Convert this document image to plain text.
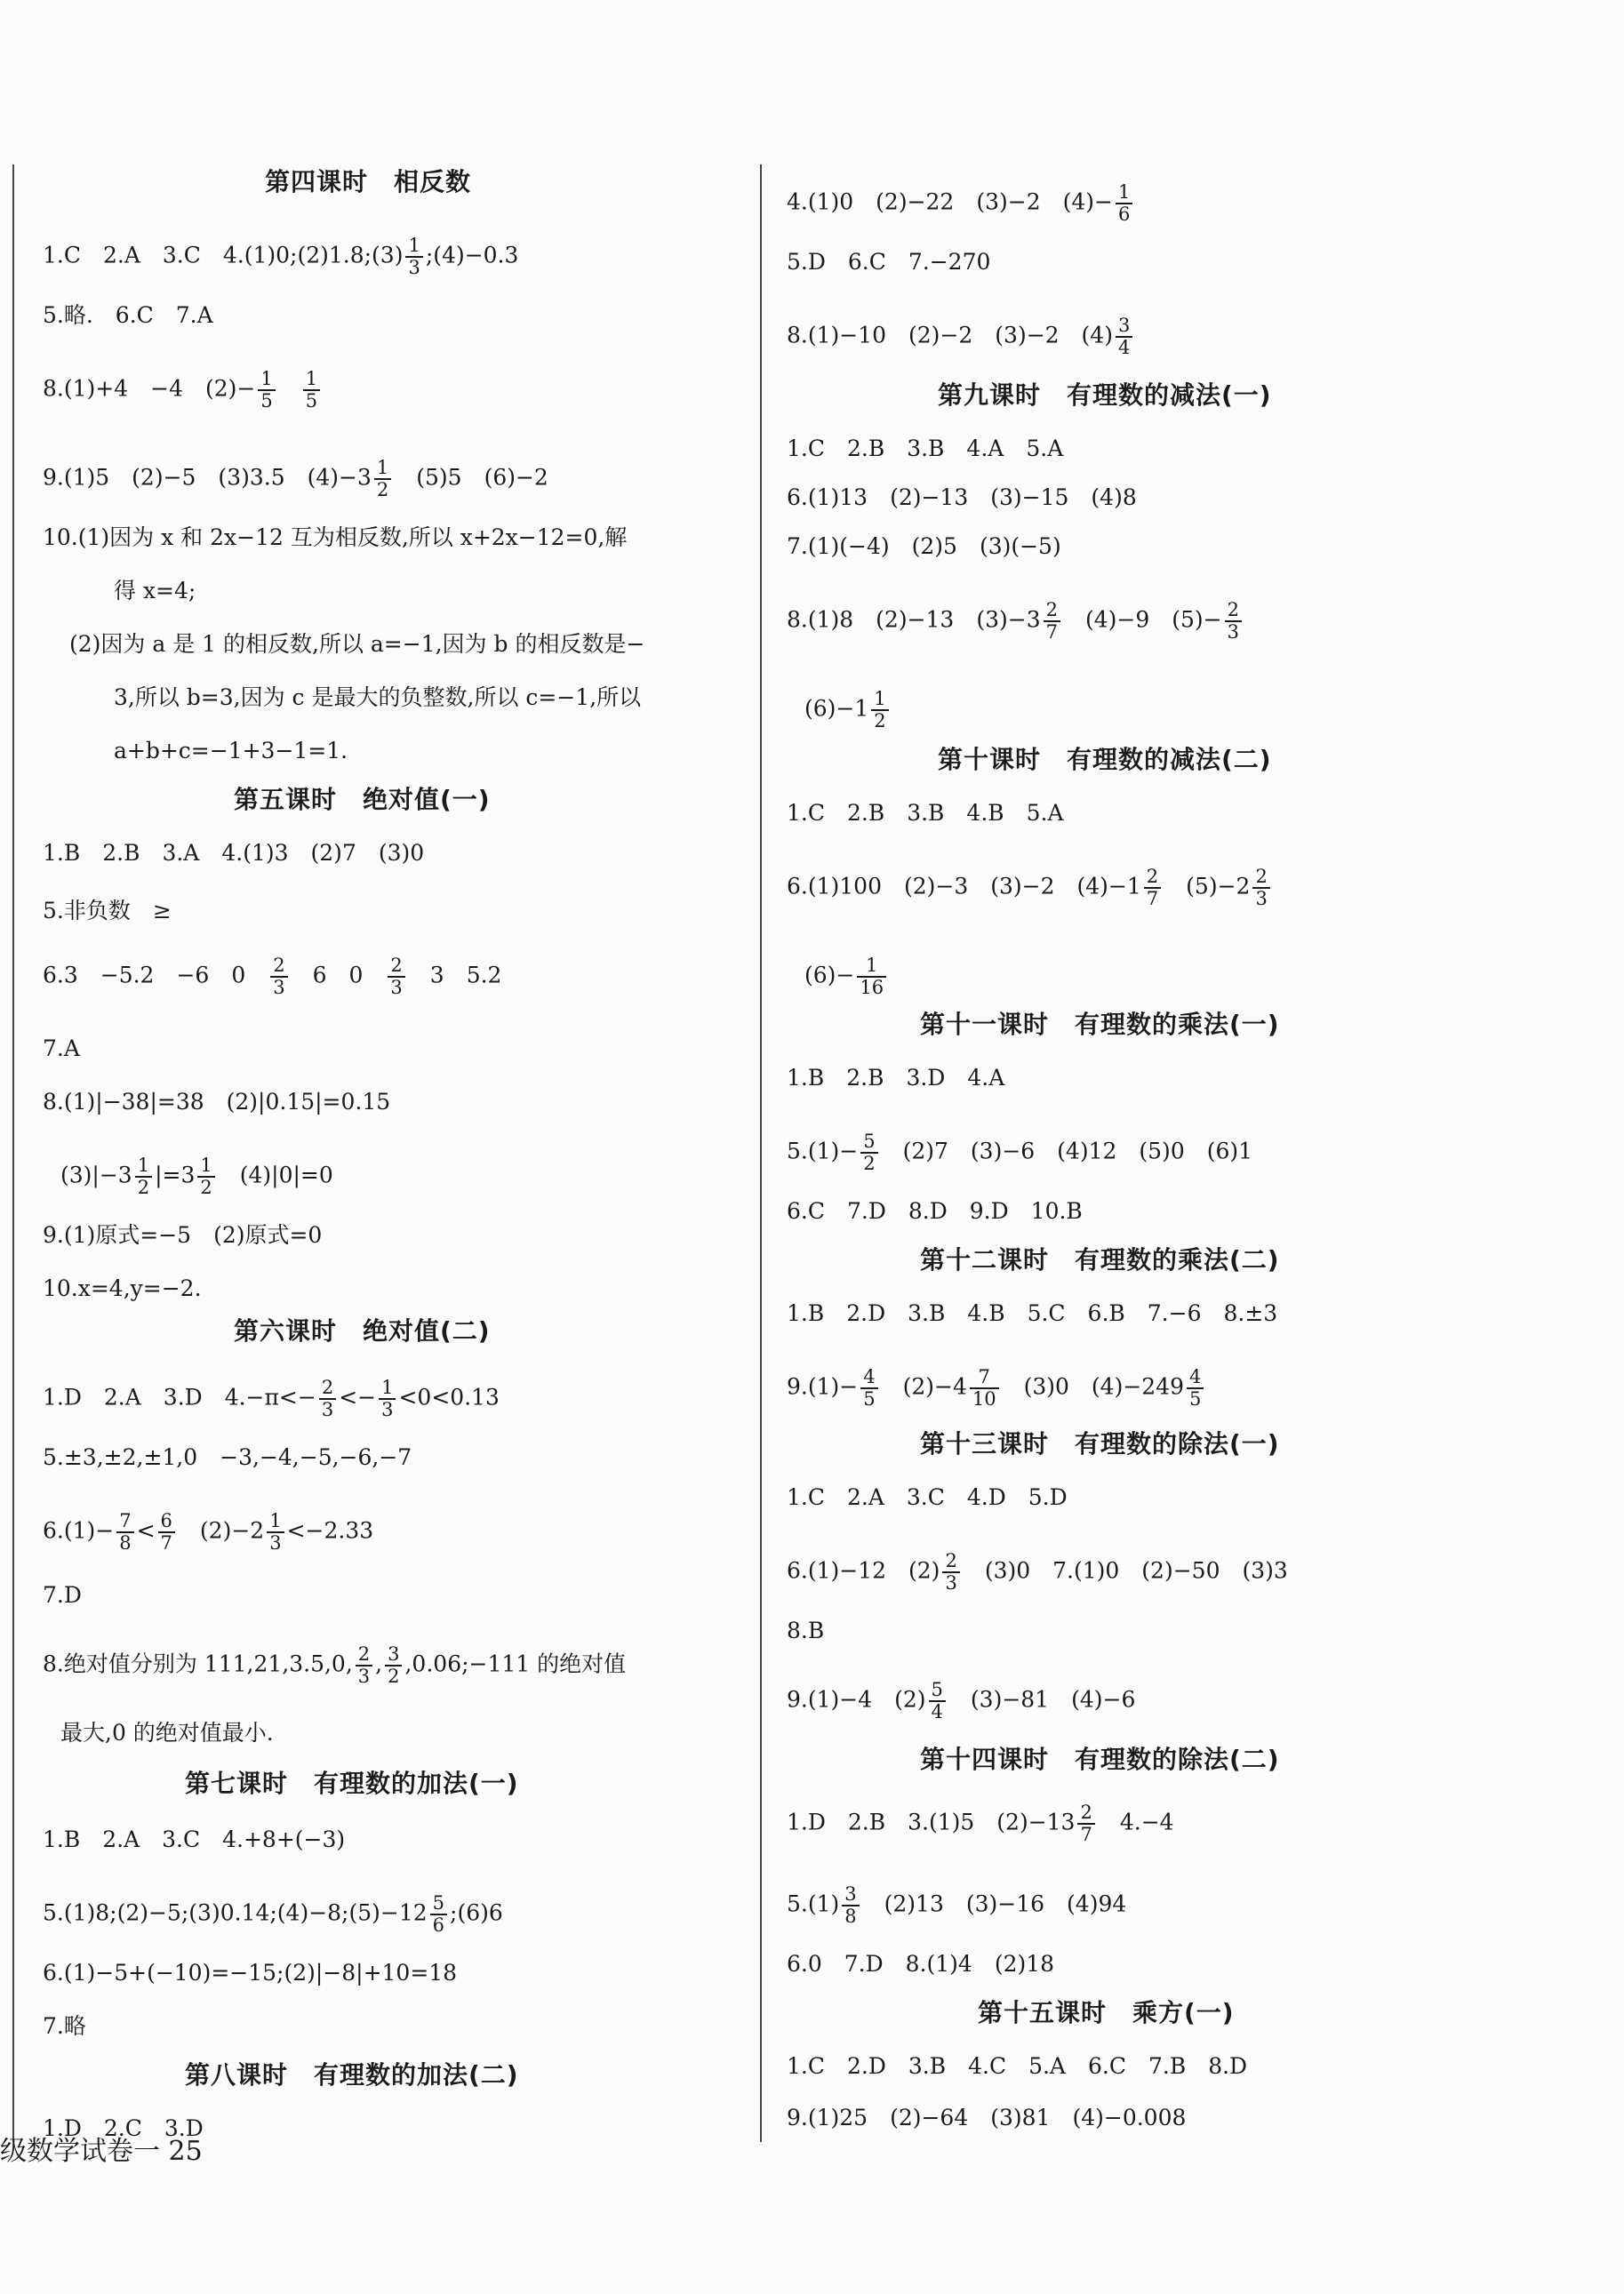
第四课时　相反数
1.C　2.A　3.C　4.(1)0;(2)1.8;(3) $\frac{1}{3}$ ;(4)−0.3
5.略.　6.C　7.A
8.(1)+4　−4　$(2)- \frac{1}{5}$
　 $\frac{1}{5}$
9.(1)5　(2)−5　(3)3.5　$(4)-3 \frac{1}{2}$ 　(5)5　(6)−2
10.(1)因为 x 和 2x−12 互为相反数,所以 x+2x−12=0,解
得 x=4;
(2)因为 a 是 1 的相反数,所以 a=−1,因为 b 的相反数是−
3,所以 b=3,因为 c 是最大的负整数,所以 c=−1,所以
a+b+c=−1+3−1=1.
第五课时　绝对值(一)
1.B　2.B　3.A　4.(1)3　(2)7　(3)0
5.非负数　≥
6.3　−5.2　−6　0　 $\frac{2}{3}$ 　6　0　 $\frac{2}{3}$ 　3　5.2
7.A
8.(1)|−38|=38　(2)|0.15|=0.15
$(3)|-3 \frac{1}{2} |=3 \frac{1}{2}$ 　(4)|0|=0
9.(1)原式=−5　(2)原式=0
10.x=4,y=−2.
第六课时　绝对值(二)
1.D　2.A　3.D　$4.-\pi<- \frac{2}{3} <- \frac{1}{3} <0<0.13$
5.±3,±2,±1,0　−3,−4,−5,−6,−7
$6.(1)- \frac{7}{8} < \frac{6}{7}$ 　$(2)-2 \frac{1}{3} <-2.33$
7.D
8.绝对值分别为 111,21,3.5,0, $\frac{2}{3}$ , $\frac{3}{2}$ ,0.06;−111 的绝对值
最大,0 的绝对值最小.
第七课时　有理数的加法(一)
1.B　2.A　3.C　4.+8+(−3)
5.(1)8;(2)−5;(3)0.14;(4)−8;(5)−12 $\frac{5}{6}$ ;(6)6
6.(1)−5+(−10)=−15;(2)|−8|+10=18
7.略
第八课时　有理数的加法(二)
1.D　2.C　3.D
4.(1)0　(2)−22　(3)−2　$(4)- \frac{1}{6}$
5.D　6.C　7.−270
8.(1)−10　(2)−2　(3)−2　$(4) \frac{3}{4}$
第九课时　有理数的减法(一)
1.C　2.B　3.B　4.A　5.A
6.(1)13　(2)−13　(3)−15　(4)8
7.(1)(−4)　(2)5　(3)(−5)
8.(1)8　(2)−13　$(3)-3 \frac{2}{7}$ 　(4)−9　$(5)- \frac{2}{3}$
$(6)-1 \frac{1}{2}$
第十课时　有理数的减法(二)
1.C　2.B　3.B　4.B　5.A
6.(1)100　(2)−3　(3)−2　$(4)-1 \frac{2}{7}$ 　$(5)-2 \frac{2}{3}$
$(6)- \frac{1}{16}$
第十一课时　有理数的乘法(一)
1.B　2.B　3.D　4.A
$5.(1)- \frac{5}{2}$ 　(2)7　(3)−6　(4)12　(5)0　(6)1
6.C　7.D　8.D　9.D　10.B
第十二课时　有理数的乘法(二)
1.B　2.D　3.B　4.B　5.C　6.B　7.−6　8.±3
$9.(1)- \frac{4}{5}$ 　$(2)-4 \frac{7}{10}$ 　(3)0　$(4)-249 \frac{4}{5}$
第十三课时　有理数的除法(一)
1.C　2.A　3.C　4.D　5.D
6.(1)−12　$(2) \frac{2}{3}$ 　(3)0　7.(1)0　(2)−50　(3)3
8.B
9.(1)−4　$(2) \frac{5}{4}$ 　(3)−81　(4)−6
第十四课时　有理数的除法(二)
1.D　2.B　3.(1)5　$(2)-13 \frac{2}{7}$ 　4.−4
$5.(1) \frac{3}{8}$ 　(2)13　(3)−16　(4)94
6.0　7.D　8.(1)4　(2)18
第十五课时　乘方(一)
1.C　2.D　3.B　4.C　5.A　6.C　7.B　8.D
9.(1)25　(2)−64　(3)81　(4)−0.008
级数学试卷一 25
